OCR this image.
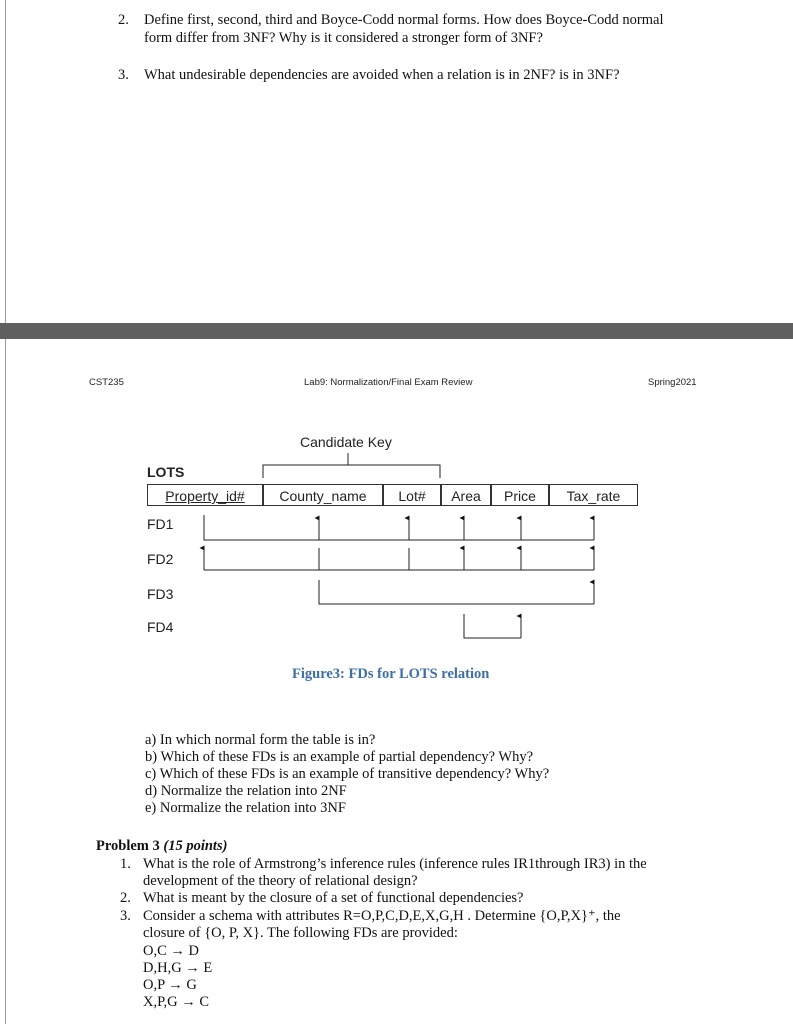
2. Define first, second, third and Boyce-Codd normal forms. How does Boyce-Codd normal
form differ from 3NF? Why is it considered a stronger form of 3NF?
3. What undesirable dependencies are avoided when a relation is in 2NF? is in 3NF?
CST235	Lab9: Normalization/Final Exam Review	Spring2021
Candidate Key
LOTS
Property_id#	County_name	Lot#	Area	Price	Tax_rate
FD1
FD2
FD3
FD4
Figure3: FDs for LOTS relation
a) In which normal form the table is in?
b) Which of these FDs is an example of partial dependency? Why?
c) Which of these FDs is an example of transitive dependency? Why?
d) Normalize the relation into 2NF
e) Normalize the relation into 3NF
Problem 3 (15 points)
1. What is the role of Armstrong’s inference rules (inference rules IR1through IR3) in the
development of the theory of relational design?
2. What is meant by the closure of a set of functional dependencies?
3. Consider a schema with attributes R=O,P,C,D,E,X,G,H . Determine {O,P,X}⁺, the
closure of {O, P, X}. The following FDs are provided:
O,C → D
D,H,G → E
O,P → G
X,P,G → C
